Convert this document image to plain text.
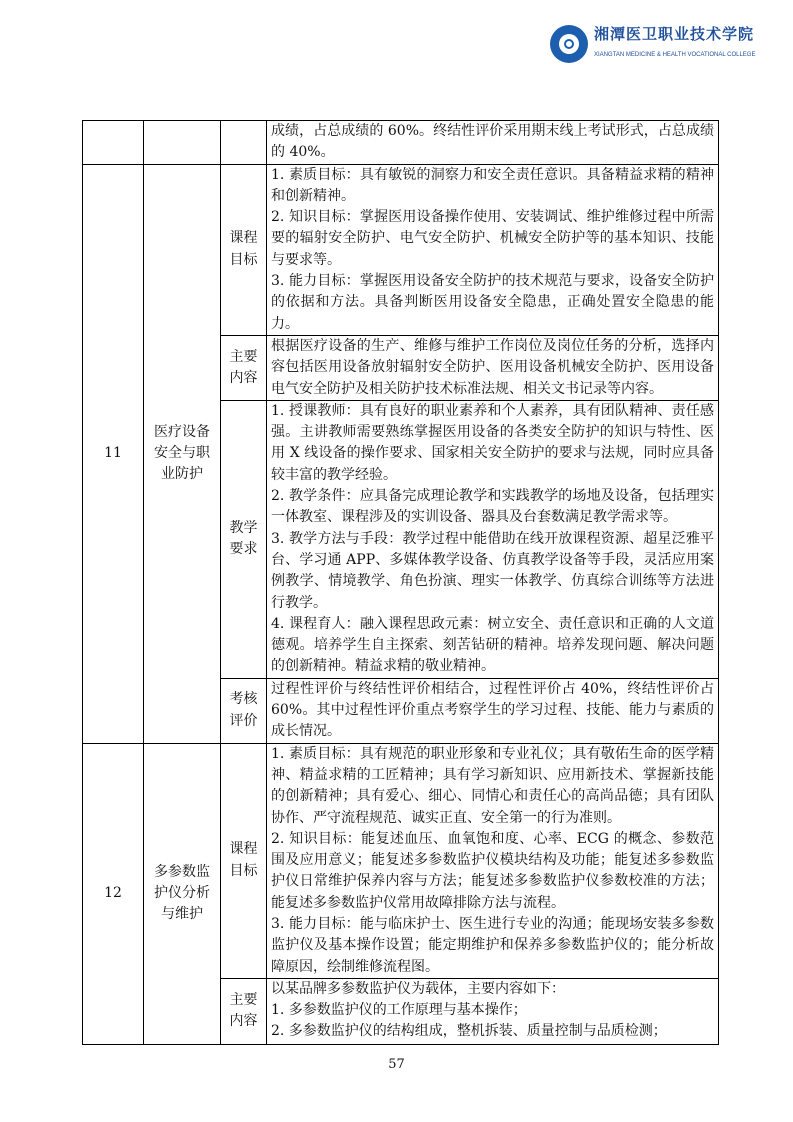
湘潭医卫职业技术学院
XIANGTAN MEDICINE & HEALTH VOCATIONAL COLLEGE

			成绩，占总成绩的 60%。终结性评价采用期末线上考试形式，占总成绩的 40%。

11	医疗设备安全与职业防护	课程目标	1. 素质目标：具有敏锐的洞察力和安全责任意识。具备精益求精的精神和创新精神。

2. 知识目标：掌握医用设备操作使用、安装调试、维护维修过程中所需要的辐射安全防护、电气安全防护、机械安全防护等的基本知识、技能与要求等。

3. 能力目标：掌握医用设备安全防护的技术规范与要求，设备安全防护的依据和方法。具备判断医用设备安全隐患，正确处置安全隐患的能力。

		主要内容	根据医疗设备的生产、维修与维护工作岗位及岗位任务的分析，选择内容包括医用设备放射辐射安全防护、医用设备机械安全防护、医用设备电气安全防护及相关防护技术标准法规、相关文书记录等内容。

		教学要求	1. 授课教师：具有良好的职业素养和个人素养，具有团队精神、责任感强。主讲教师需要熟练掌握医用设备的各类安全防护的知识与特性、医用 X 线设备的操作要求、国家相关安全防护的要求与法规，同时应具备较丰富的教学经验。

2. 教学条件：应具备完成理论教学和实践教学的场地及设备，包括理实一体教室、课程涉及的实训设备、器具及台套数满足教学需求等。

3. 教学方法与手段：教学过程中能借助在线开放课程资源、超星泛雅平台、学习通 APP、多媒体教学设备、仿真教学设备等手段，灵活应用案例教学、情境教学、角色扮演、理实一体教学、仿真综合训练等方法进行教学。

4. 课程育人：融入课程思政元素：树立安全、责任意识和正确的人文道德观。培养学生自主探索、刻苦钻研的精神。培养发现问题、解决问题的创新精神。精益求精的敬业精神。

		考核评价	过程性评价与终结性评价相结合，过程性评价占 40%，终结性评价占 60%。其中过程性评价重点考察学生的学习过程、技能、能力与素质的成长情况。

12	多参数监护仪分析与维护	课程目标	1. 素质目标：具有规范的职业形象和专业礼仪；具有敬佑生命的医学精神、精益求精的工匠精神；具有学习新知识、应用新技术、掌握新技能的创新精神；具有爱心、细心、同情心和责任心的高尚品德；具有团队协作、严守流程规范、诚实正直、安全第一的行为准则。

2. 知识目标：能复述血压、血氧饱和度、心率、ECG 的概念、参数范围及应用意义；能复述多参数监护仪模块结构及功能；能复述多参数监护仪日常维护保养内容与方法；能复述多参数监护仪参数校准的方法；能复述多参数监护仪常用故障排除方法与流程。

3. 能力目标：能与临床护士、医生进行专业的沟通；能现场安装多参数监护仪及基本操作设置；能定期维护和保养多参数监护仪的；能分析故障原因，绘制维修流程图。

		主要内容	以某品牌多参数监护仪为载体，主要内容如下：

1. 多参数监护仪的工作原理与基本操作；

2. 多参数监护仪的结构组成，整机拆装、质量控制与品质检测；

57
